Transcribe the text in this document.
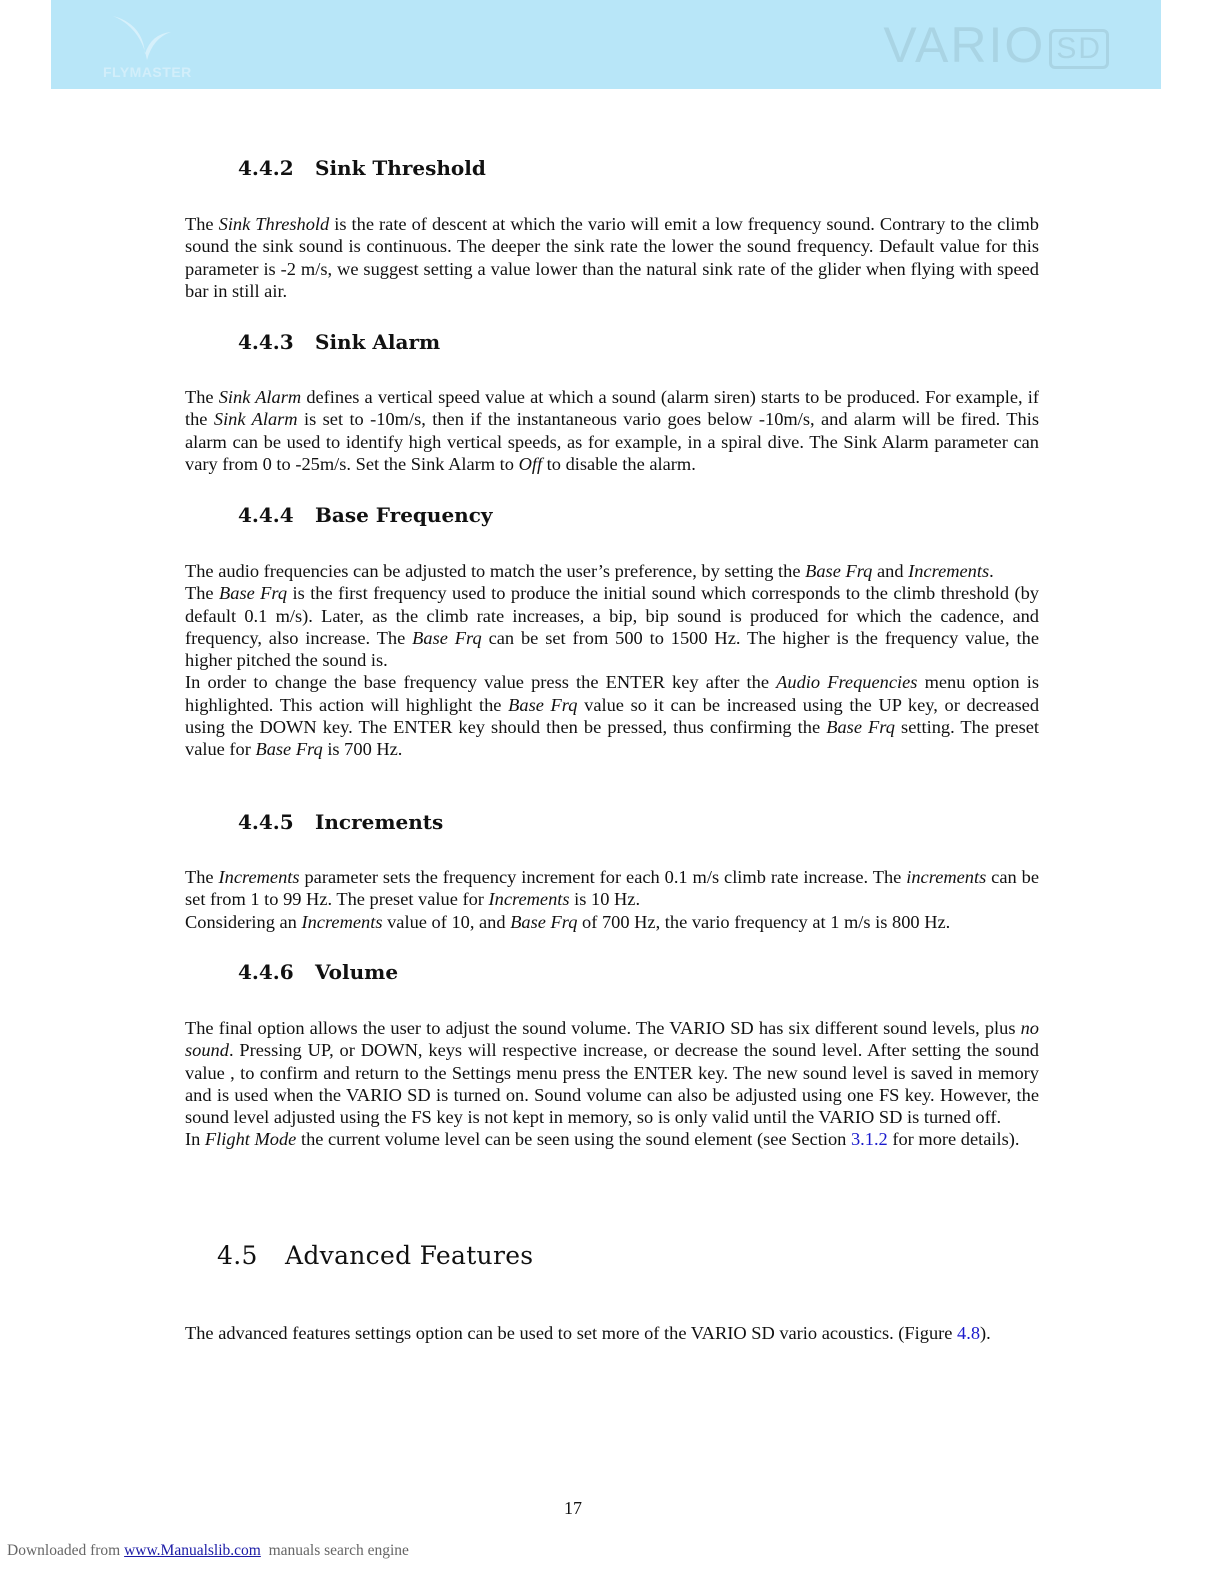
FLYMASTER	VARIO SD
4.4.2 Sink Threshold

The Sink Threshold is the rate of descent at which the vario will emit a low frequency sound. Contrary to the climb sound the sink sound is continuous. The deeper the sink rate the lower the sound frequency. Default value for this parameter is -2 m/s, we suggest setting a value lower than the natural sink rate of the glider when flying with speed bar in still air.

4.4.3 Sink Alarm

The Sink Alarm defines a vertical speed value at which a sound (alarm siren) starts to be produced. For example, if the Sink Alarm is set to -10m/s, then if the instantaneous vario goes below -10m/s, and alarm will be fired. This alarm can be used to identify high vertical speeds, as for example, in a spiral dive. The Sink Alarm parameter can vary from 0 to -25m/s. Set the Sink Alarm to Off to disable the alarm.

4.4.4 Base Frequency

The audio frequencies can be adjusted to match the user’s preference, by setting the Base Frq and Increments.

The Base Frq is the first frequency used to produce the initial sound which corresponds to the climb threshold (by default 0.1 m/s). Later, as the climb rate increases, a bip, bip sound is produced for which the cadence, and frequency, also increase. The Base Frq can be set from 500 to 1500 Hz. The higher is the frequency value, the higher pitched the sound is.

In order to change the base frequency value press the ENTER key after the Audio Frequencies menu option is highlighted. This action will highlight the Base Frq value so it can be increased using the UP key, or decreased using the DOWN key. The ENTER key should then be pressed, thus confirming the Base Frq setting. The preset value for Base Frq is 700 Hz.

4.4.5 Increments

The Increments parameter sets the frequency increment for each 0.1 m/s climb rate increase. The increments can be set from 1 to 99 Hz. The preset value for Increments is 10 Hz.

Considering an Increments value of 10, and Base Frq of 700 Hz, the vario frequency at 1 m/s is 800 Hz.

4.4.6 Volume

The final option allows the user to adjust the sound volume. The VARIO SD has six different sound levels, plus no sound. Pressing UP, or DOWN, keys will respective increase, or decrease the sound level. After setting the sound value , to confirm and return to the Settings menu press the ENTER key. The new sound level is saved in memory and is used when the VARIO SD is turned on. Sound volume can also be adjusted using one FS key. However, the sound level adjusted using the FS key is not kept in memory, so is only valid until the VARIO SD is turned off.

In Flight Mode the current volume level can be seen using the sound element (see Section 3.1.2 for more details).

4.5 Advanced Features

The advanced features settings option can be used to set more of the VARIO SD vario acoustics. (Figure 4.8).

17
Downloaded from www.Manualslib.com  manuals search engine
